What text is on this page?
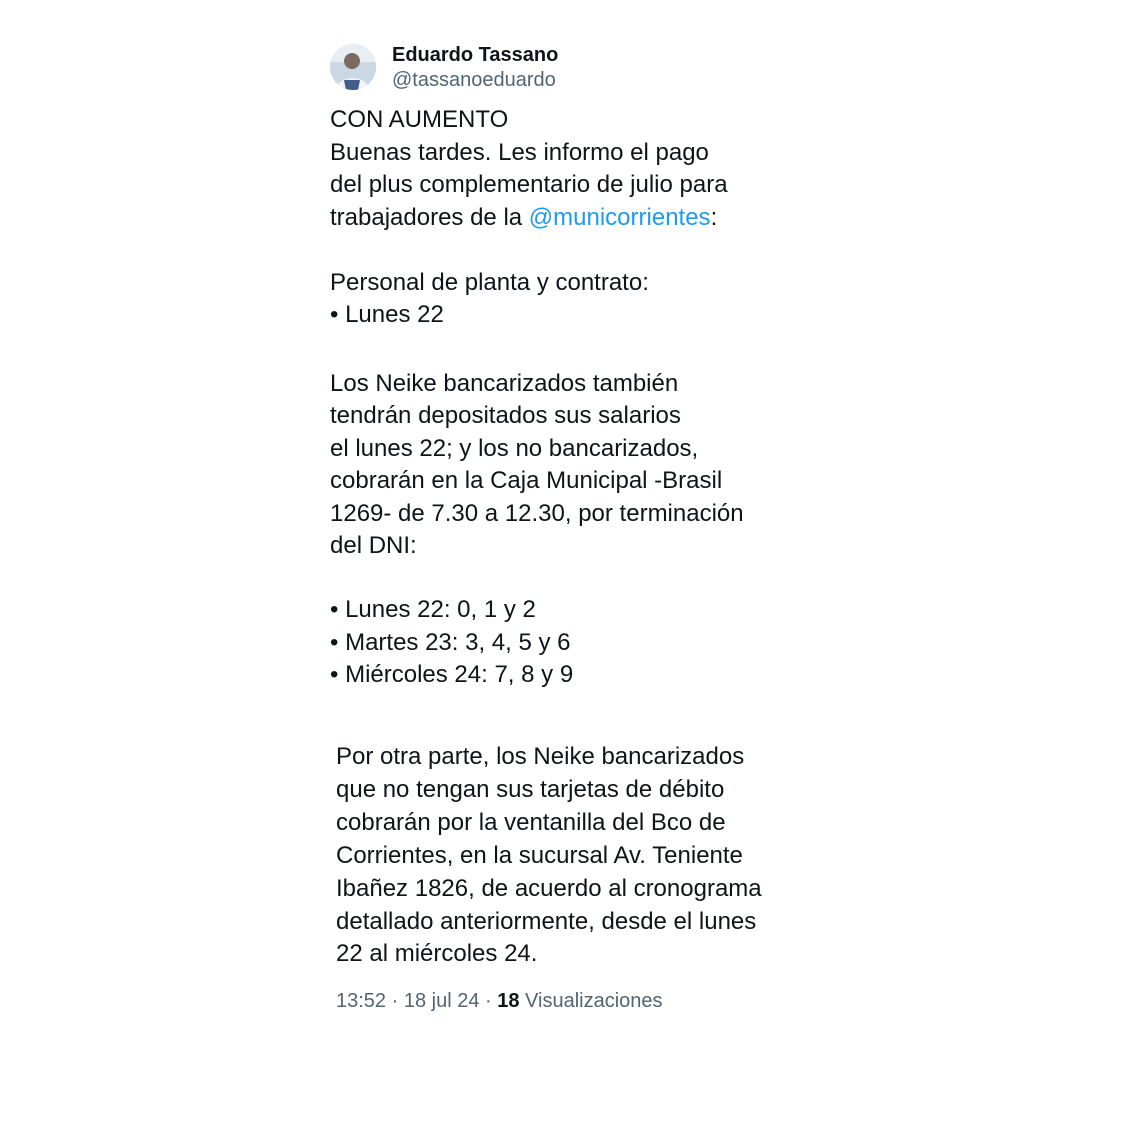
Eduardo Tassano
@tassanoeduardo
CON AUMENTO
Buenas tardes. Les informo el pago
del plus complementario de julio para
trabajadores de la @municorrientes:
Personal de planta y contrato:
• Lunes 22
Los Neike bancarizados también
tendrán depositados sus salarios
el lunes 22; y los no bancarizados,
cobrarán en la Caja Municipal -Brasil
1269- de 7.30 a 12.30, por terminación
del DNI:
• Lunes 22: 0, 1 y 2
• Martes 23: 3, 4, 5 y 6
• Miércoles 24: 7, 8 y 9
Por otra parte, los Neike bancarizados
que no tengan sus tarjetas de débito
cobrarán por la ventanilla del Bco de
Corrientes, en la sucursal Av. Teniente
Ibañez 1826, de acuerdo al cronograma
detallado anteriormente, desde el lunes
22 al miércoles 24.
13:52 · 18 jul 24 · 18 Visualizaciones
